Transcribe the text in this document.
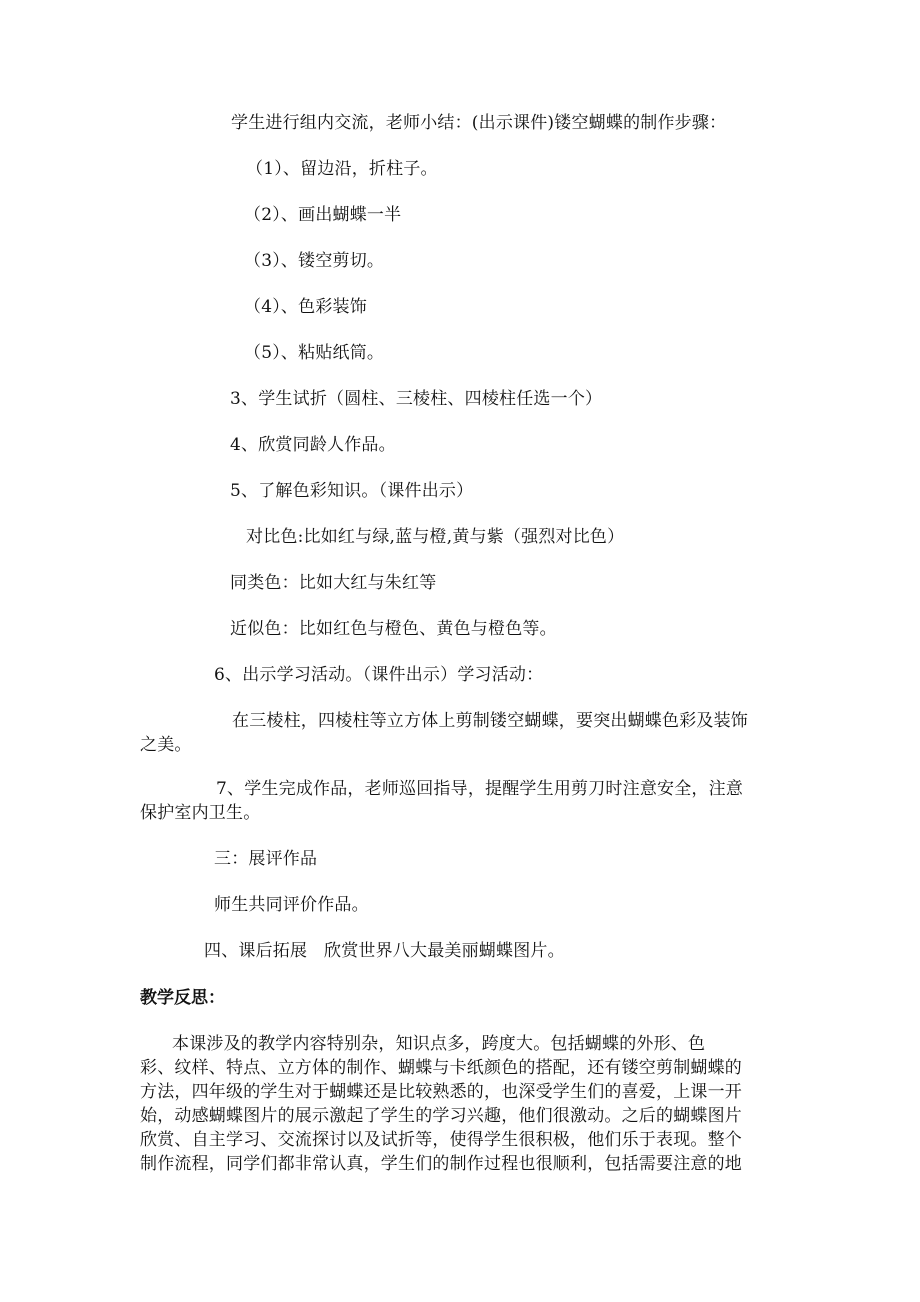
学生进行组内交流，老师小结：(出示课件)镂空蝴蝶的制作步骤：
（1）、留边沿，折柱子。
（2）、画出蝴蝶一半
（3）、镂空剪切。
（4）、色彩装饰
（5）、粘贴纸筒。
3、学生试折（圆柱、三棱柱、四棱柱任选一个）
4、欣赏同龄人作品。
5、了解色彩知识。（课件出示）
对比色:比如红与绿,蓝与橙,黄与紫（强烈对比色）
同类色：比如大红与朱红等
近似色：比如红色与橙色、黄色与橙色等。
6、出示学习活动。（课件出示）学习活动：
在三棱柱，四棱柱等立方体上剪制镂空蝴蝶，要突出蝴蝶色彩及装饰
之美。
7、学生完成作品，老师巡回指导，提醒学生用剪刀时注意安全，注意
保护室内卫生。
三：展评作品
师生共同评价作品。
四、课后拓展   欣赏世界八大最美丽蝴蝶图片。
教学反思：
本课涉及的教学内容特别杂，知识点多，跨度大。包括蝴蝶的外形、色
彩、纹样、特点、立方体的制作、蝴蝶与卡纸颜色的搭配，还有镂空剪制蝴蝶的
方法，四年级的学生对于蝴蝶还是比较熟悉的，也深受学生们的喜爱，上课一开
始，动感蝴蝶图片的展示激起了学生的学习兴趣，他们很激动。之后的蝴蝶图片
欣赏、自主学习、交流探讨以及试折等，使得学生很积极，他们乐于表现。整个
制作流程，同学们都非常认真，学生们的制作过程也很顺利，包括需要注意的地
